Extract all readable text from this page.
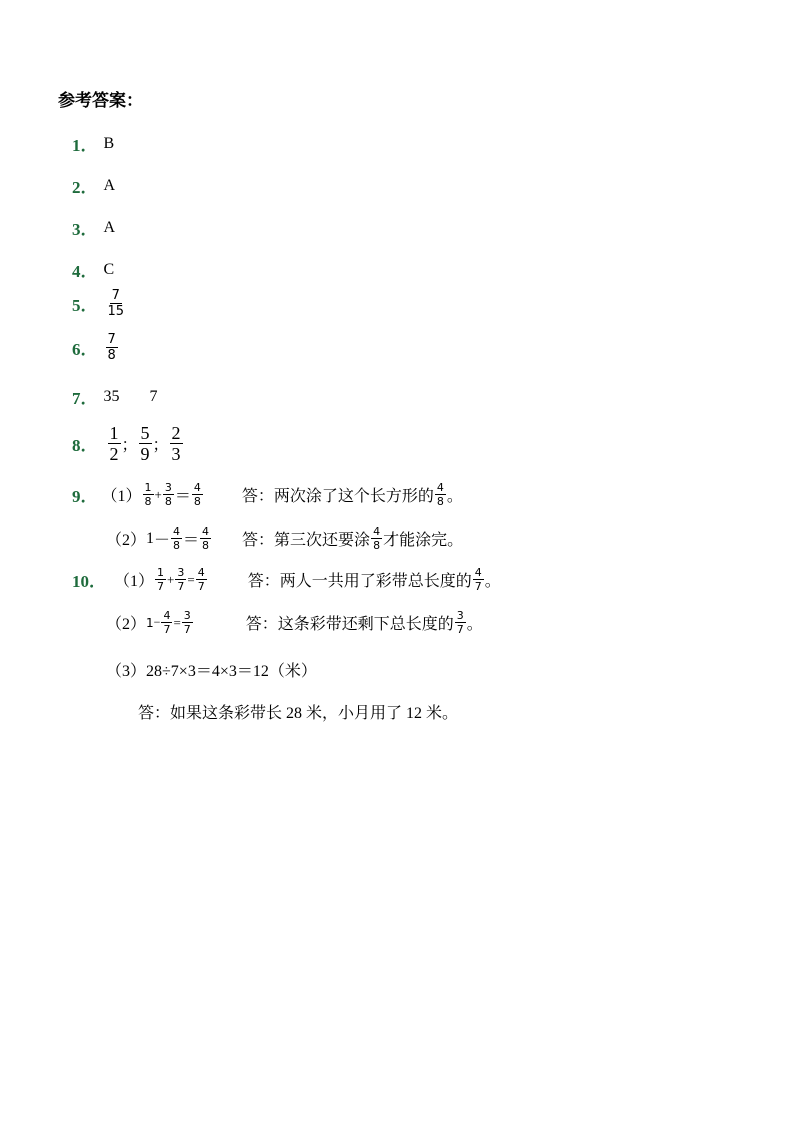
参考答案：
1． B
2． A
3． A
4． C
5． $\frac{7}{15}$
6． $\frac{7}{8}$
7． 35 7
8． $\frac{1}{2}$ ； $\frac{5}{9}$ ； $\frac{2}{3}$
9． $(1) \frac{1}{8} + \frac{3}{8} = \frac{4}{8}$ 答：两次涂了这个长方形的 $\frac{4}{8}$ 。
（2） $1 - \frac{4}{8} = \frac{4}{8}$ 答：第三次还要涂 $\frac{4}{8}$ 才能涂完。
10． $(1) \frac{1}{7} + \frac{3}{7} = \frac{4}{7}$	答：两人一共用了彩带总长度的 $\frac{4}{7}$ 。
（2） $1 - \frac{4}{7} = \frac{3}{7}$	答：这条彩带还剩下总长度的 $\frac{3}{7}$ 。
（3） 28÷7×3＝4×3＝12（米）
答：如果这条彩带长 28 米，小月用了 12 米。
